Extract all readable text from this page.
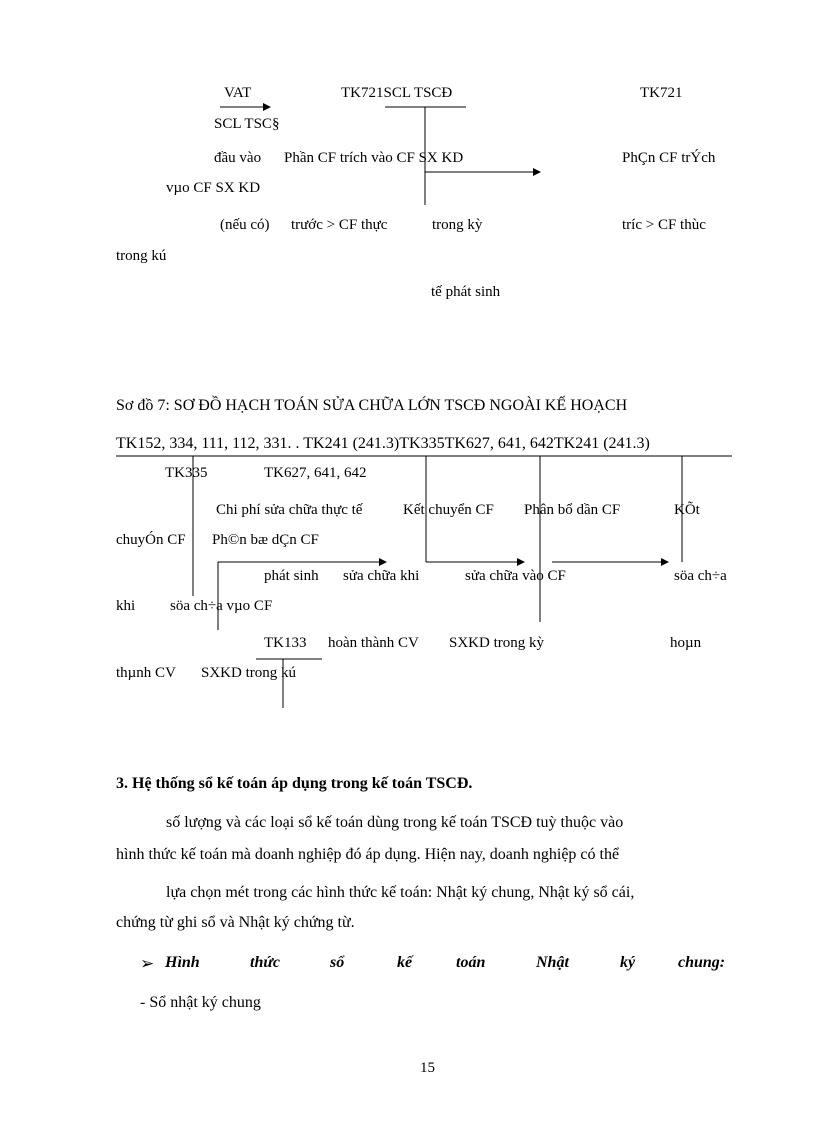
VAT	TK721SCL TSCĐ	TK721
SCL TSC§
đầu vào Phần CF trích vào CF SX KD	PhÇn CF trÝch
vµo CF SX KD
(nếu có) trước > CF thực	trong kỳ	tríc > CF thùc
trong kú
tế phát sinh
Sơ đồ 7: SƠ ĐỒ HẠCH TOÁN SỬA CHỮA LỚN TSCĐ NGOÀI KẾ HOẠCH
TK152, 334, 111, 112, 331. . TK241 (241.3)TK335TK627, 641, 642TK241 (241.3)
TK335	TK627, 641, 642
Chi phí sửa chữa thực tế	Kết chuyển CF Phân bổ dần CF	KÕt
chuyÓn CF Ph©n bæ dÇn CF
phát sinh sửa chữa khi	sửa chữa vào CF	söa ch÷a
khi söa ch÷a vµo CF
TK133 hoàn thành CV SXKD trong kỳ	hoµn
thµnh CV SXKD trong kú
3. Hệ thống sổ kế toán áp dụng trong kế toán TSCĐ.
số lượng và các loại sổ kế toán dùng trong kế toán TSCĐ tuỳ thuộc vào
hình thức kế toán mà doanh nghiệp đó áp dụng. Hiện nay, doanh nghiệp có thể
lựa chọn mét trong các hình thức kế toán: Nhật ký chung, Nhật ký sổ cái,
chứng từ ghi sổ và Nhật ký chứng từ.
➢ Hình	thức	sổ	kế	toán	Nhật	ký	chung:
- Sổ nhật ký chung
15
